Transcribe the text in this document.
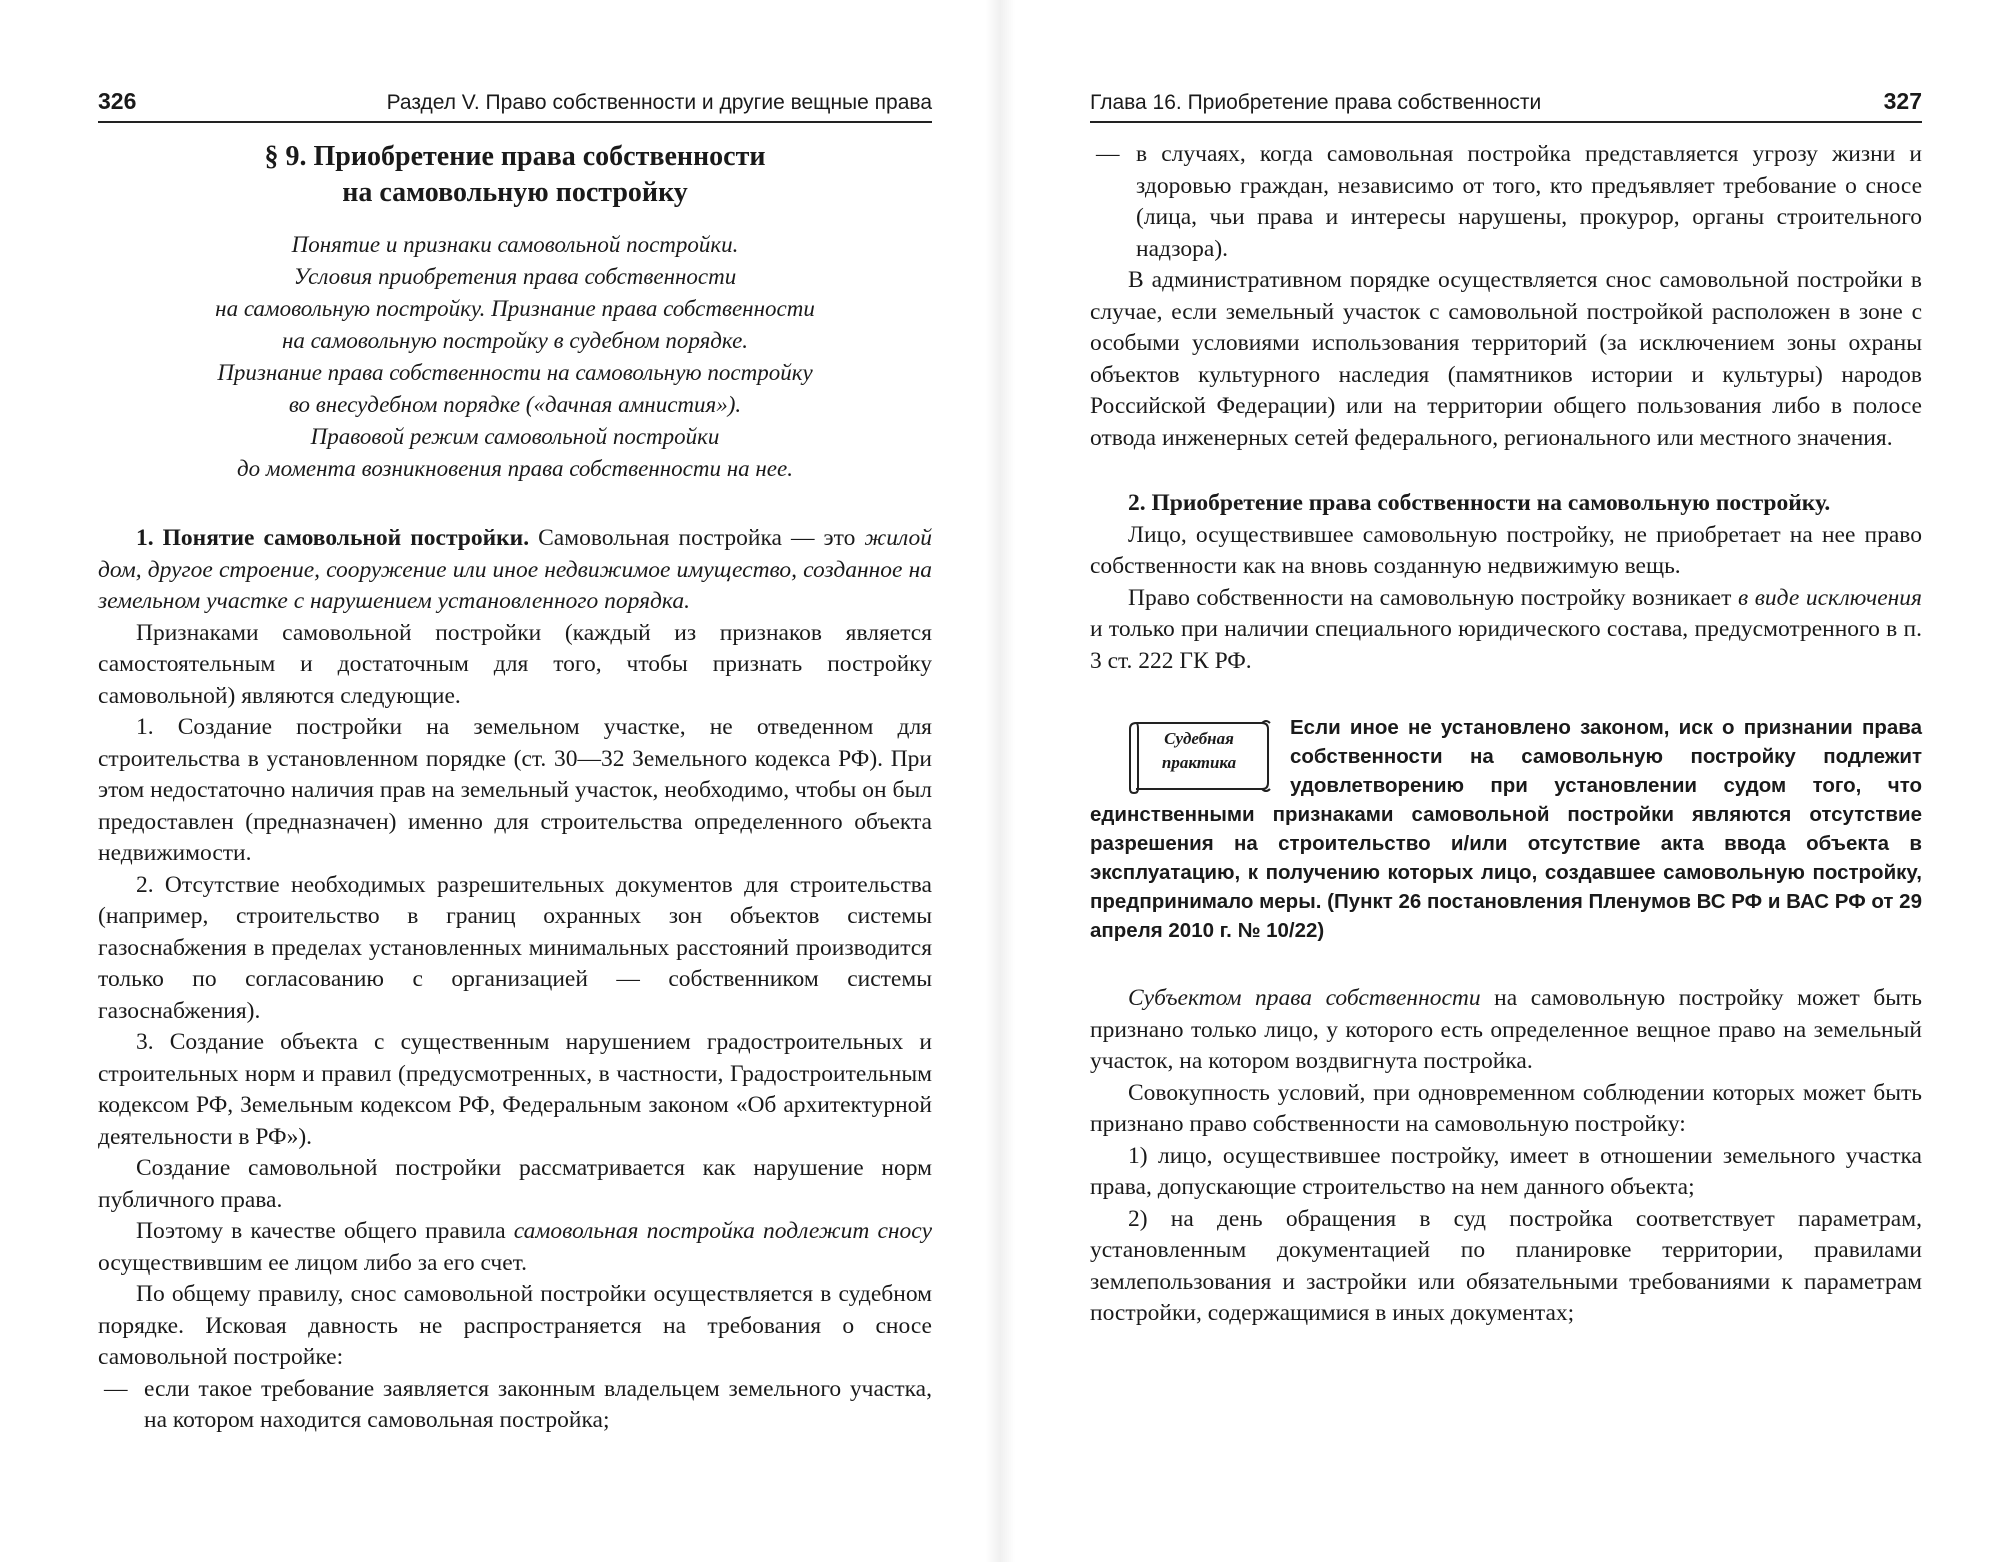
326	Раздел V. Право собственности и другие вещные права
§ 9. Приобретение права собственности
на самовольную постройку
Понятие и признаки самовольной постройки.
Условия приобретения права собственности
на самовольную постройку. Признание права собственности
на самовольную постройку в судебном порядке.
Признание права собственности на самовольную постройку
во внесудебном порядке («дачная амнистия»).
Правовой режим самовольной постройки
до момента возникновения права собственности на нее.

1. Понятие самовольной постройки. Самовольная постройка — это жилой дом, другое строение, сооружение или иное недвижимое имущество, созданное на земельном участке с нарушением установленного порядка.

Признаками самовольной постройки (каждый из признаков является самостоятельным и достаточным для того, чтобы признать постройку самовольной) являются следующие.

1. Создание постройки на земельном участке, не отведенном для строительства в установленном порядке (ст. 30—32 Земельного кодекса РФ). При этом недостаточно наличия прав на земельный участок, необходимо, чтобы он был предоставлен (предназначен) именно для строительства определенного объекта недвижимости.

2. Отсутствие необходимых разрешительных документов для строительства (например, строительство в границ охранных зон объектов системы газоснабжения в пределах установленных минимальных расстояний производится только по согласованию с организацией — собственником системы газоснабжения).

3. Создание объекта с существенным нарушением градостроительных и строительных норм и правил (предусмотренных, в частности, Градостроительным кодексом РФ, Земельным кодексом РФ, Федеральным законом «Об архитектурной деятельности в РФ»).

Создание самовольной постройки рассматривается как нарушение норм публичного права.

Поэтому в качестве общего правила самовольная постройка подлежит сносу осуществившим ее лицом либо за его счет.

По общему правилу, снос самовольной постройки осуществляется в судебном порядке. Исковая давность не распространяется на требования о сносе самовольной постройке:

— если такое требование заявляется законным владельцем земельного участка, на котором находится самовольная постройка;

Глава 16. Приобретение права собственности	327

— в случаях, когда самовольная постройка представляется угрозу жизни и здоровью граждан, независимо от того, кто предъявляет требование о сносе (лица, чьи права и интересы нарушены, прокурор, органы строительного надзора).

В административном порядке осуществляется снос самовольной постройки в случае, если земельный участок с самовольной постройкой расположен в зоне с особыми условиями использования территорий (за исключением зоны охраны объектов культурного наследия (памятников истории и культуры) народов Российской Федерации) или на территории общего пользования либо в полосе отвода инженерных сетей федерального, регионального или местного значения.

2. Приобретение права собственности на самовольную постройку.

Лицо, осуществившее самовольную постройку, не приобретает на нее право собственности как на вновь созданную недвижимую вещь.

Право собственности на самовольную постройку возникает в виде исключения и только при наличии специального юридического состава, предусмотренного в п. 3 ст. 222 ГК РФ.

Судебная
практика
Если иное не установлено законом, иск о признании права собственности на самовольную постройку подлежит удовлетворению при установлении судом того, что единственными признаками самовольной постройки являются отсутствие разрешения на строительство и/или отсутствие акта ввода объекта в эксплуатацию, к получению которых лицо, создавшее самовольную постройку, предпринимало меры. (Пункт 26 постановления Пленумов ВС РФ и ВАС РФ от 29 апреля 2010 г. № 10/22)

Субъектом права собственности на самовольную постройку может быть признано только лицо, у которого есть определенное вещное право на земельный участок, на котором воздвигнута постройка.

Совокупность условий, при одновременном соблюдении которых может быть признано право собственности на самовольную постройку:

1) лицо, осуществившее постройку, имеет в отношении земельного участка права, допускающие строительство на нем данного объекта;

2) на день обращения в суд постройка соответствует параметрам, установленным документацией по планировке территории, правилами землепользования и застройки или обязательными требованиями к параметрам постройки, содержащимися в иных документах;
